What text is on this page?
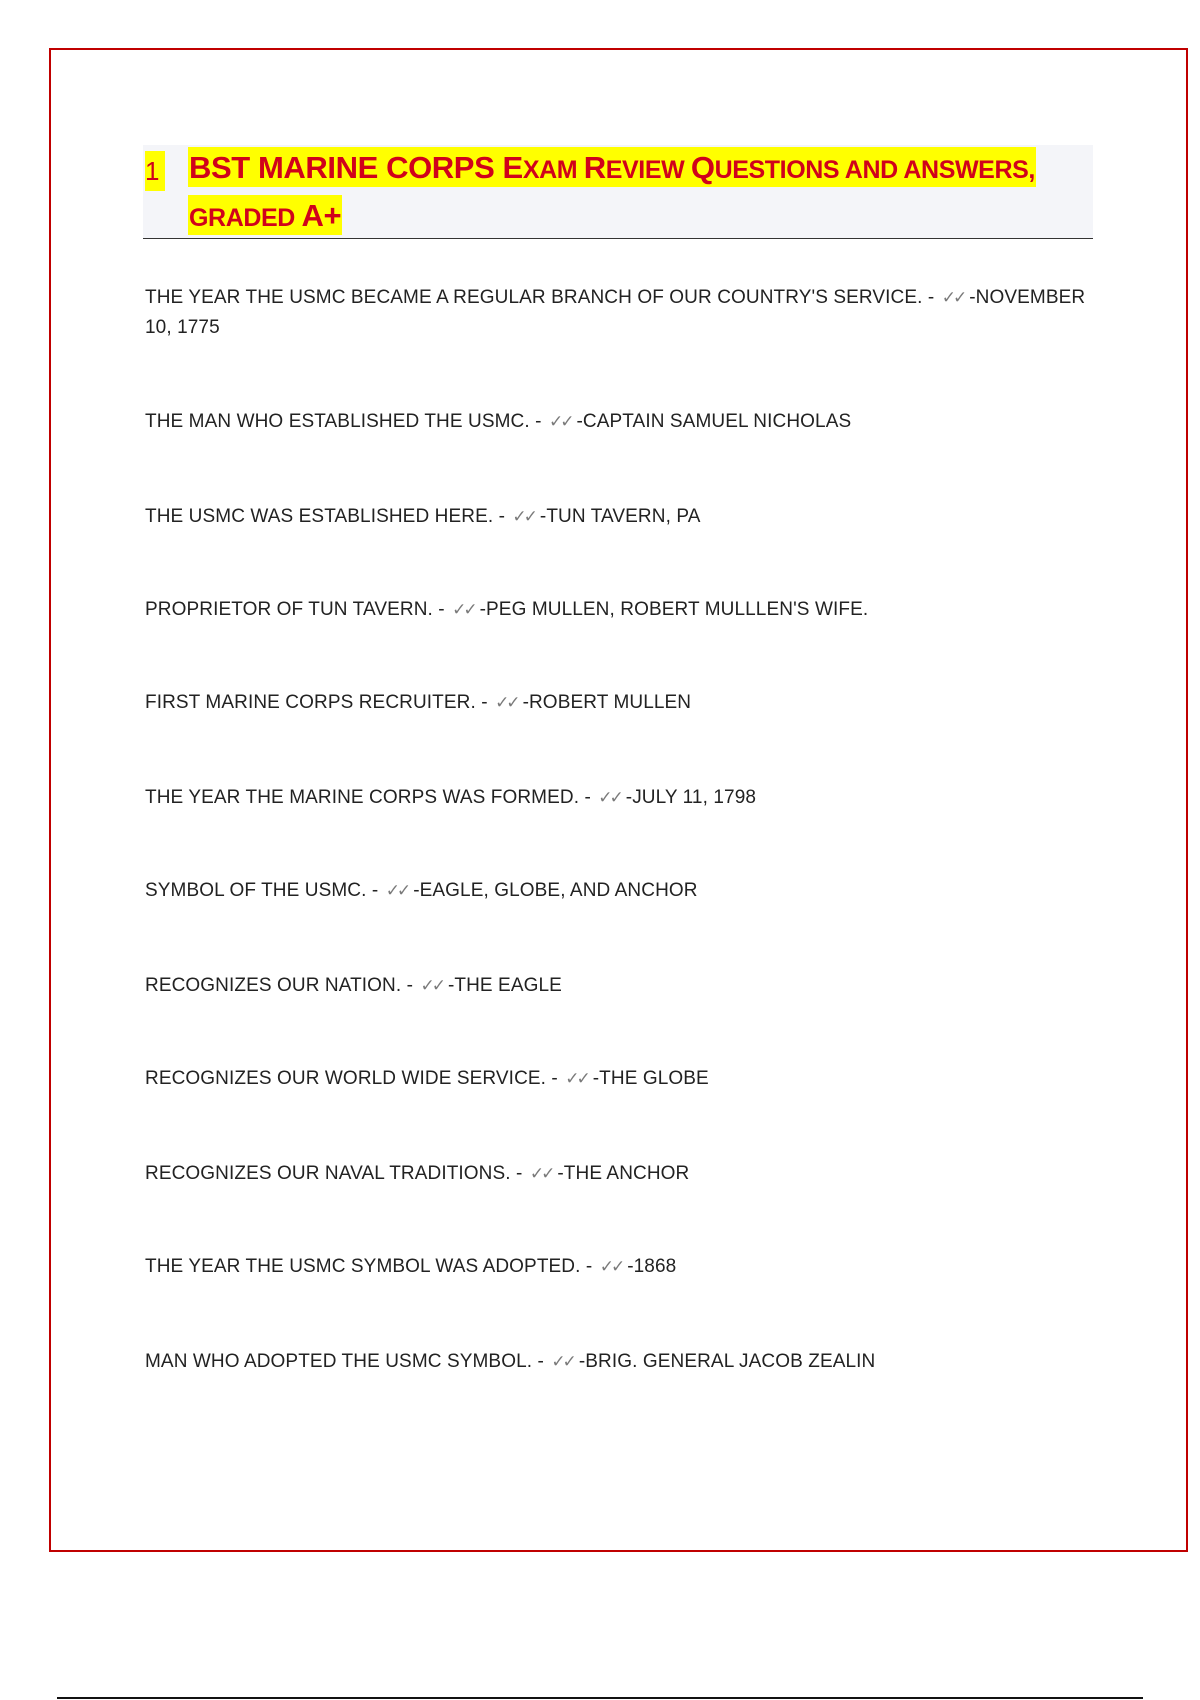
1 BST MARINE CORPS EXAM REVIEW QUESTIONS AND ANSWERS, GRADED A+
THE YEAR THE USMC BECAME A REGULAR BRANCH OF OUR COUNTRY'S SERVICE. - ✓✓ -NOVEMBER 10, 1775
THE MAN WHO ESTABLISHED THE USMC. - ✓✓ -CAPTAIN SAMUEL NICHOLAS
THE USMC WAS ESTABLISHED HERE. - ✓✓ -TUN TAVERN, PA
PROPRIETOR OF TUN TAVERN. - ✓✓ -PEG MULLEN, ROBERT MULLLEN'S WIFE.
FIRST MARINE CORPS RECRUITER. - ✓✓ -ROBERT MULLEN
THE YEAR THE MARINE CORPS WAS FORMED. - ✓✓ -JULY 11, 1798
SYMBOL OF THE USMC. - ✓✓ -EAGLE, GLOBE, AND ANCHOR
RECOGNIZES OUR NATION. - ✓✓ -THE EAGLE
RECOGNIZES OUR WORLD WIDE SERVICE. - ✓✓ -THE GLOBE
RECOGNIZES OUR NAVAL TRADITIONS. - ✓✓ -THE ANCHOR
THE YEAR THE USMC SYMBOL WAS ADOPTED. - ✓✓ -1868
MAN WHO ADOPTED THE USMC SYMBOL. - ✓✓ -BRIG. GENERAL JACOB ZEALIN
